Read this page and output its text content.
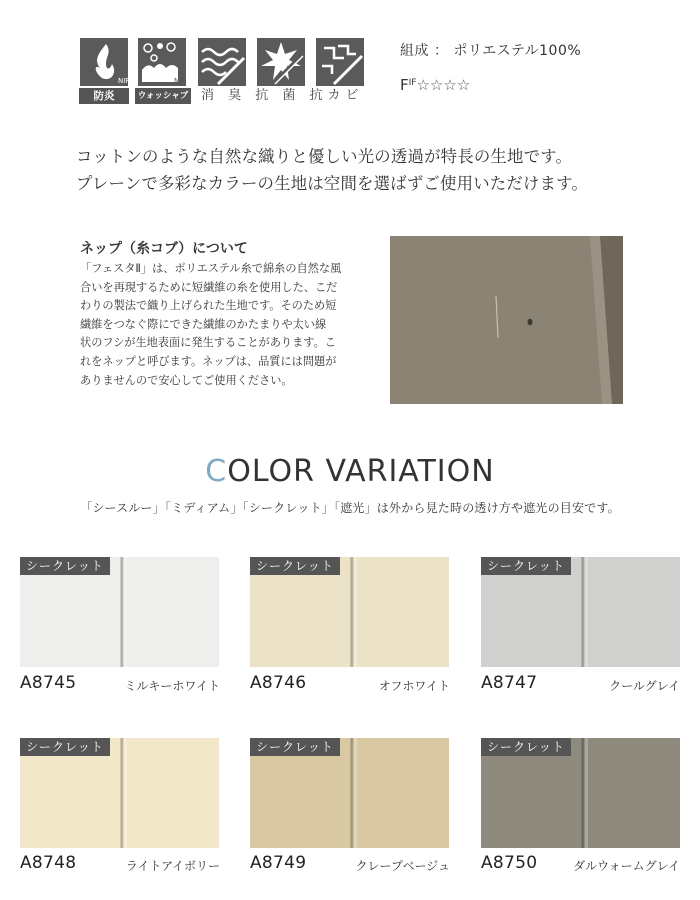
NIF
防炎
NIF
ウォッシャブル
消 臭 抗 菌 抗カビ
組成 ： ポリエステル100%
$F^{IF}☆☆☆☆$
コットンのような自然な織りと優しい光の透過が特長の生地です。
プレーンで多彩なカラーの生地は空間を選ばずご使用いただけます。
ネップ（糸コブ）について
「フェスタⅡ」は、ポリエステル糸で綿糸の自然な風
合いを再現するために短繊維の糸を使用した、こだ
わりの製法で織り上げられた生地です。そのため短
繊維をつなぐ際にできた繊維のかたまりや太い線
状のフシが生地表面に発生することがあります。こ
れをネップと呼びます。ネップは、品質には問題が
ありませんので安心してご使用ください。
COLOR VARIATION
「シースルー」「ミディアム」「シークレット」「遮光」は外から見た時の透け方や遮光の目安です。
シークレット
A8745	ミルキーホワイト
シークレット
A8746	オフホワイト
シークレット
A8747	クールグレイ
シークレット
A8748	ライトアイボリー
シークレット
A8749	クレープベージュ
シークレット
A8750	ダルウォームグレイ
